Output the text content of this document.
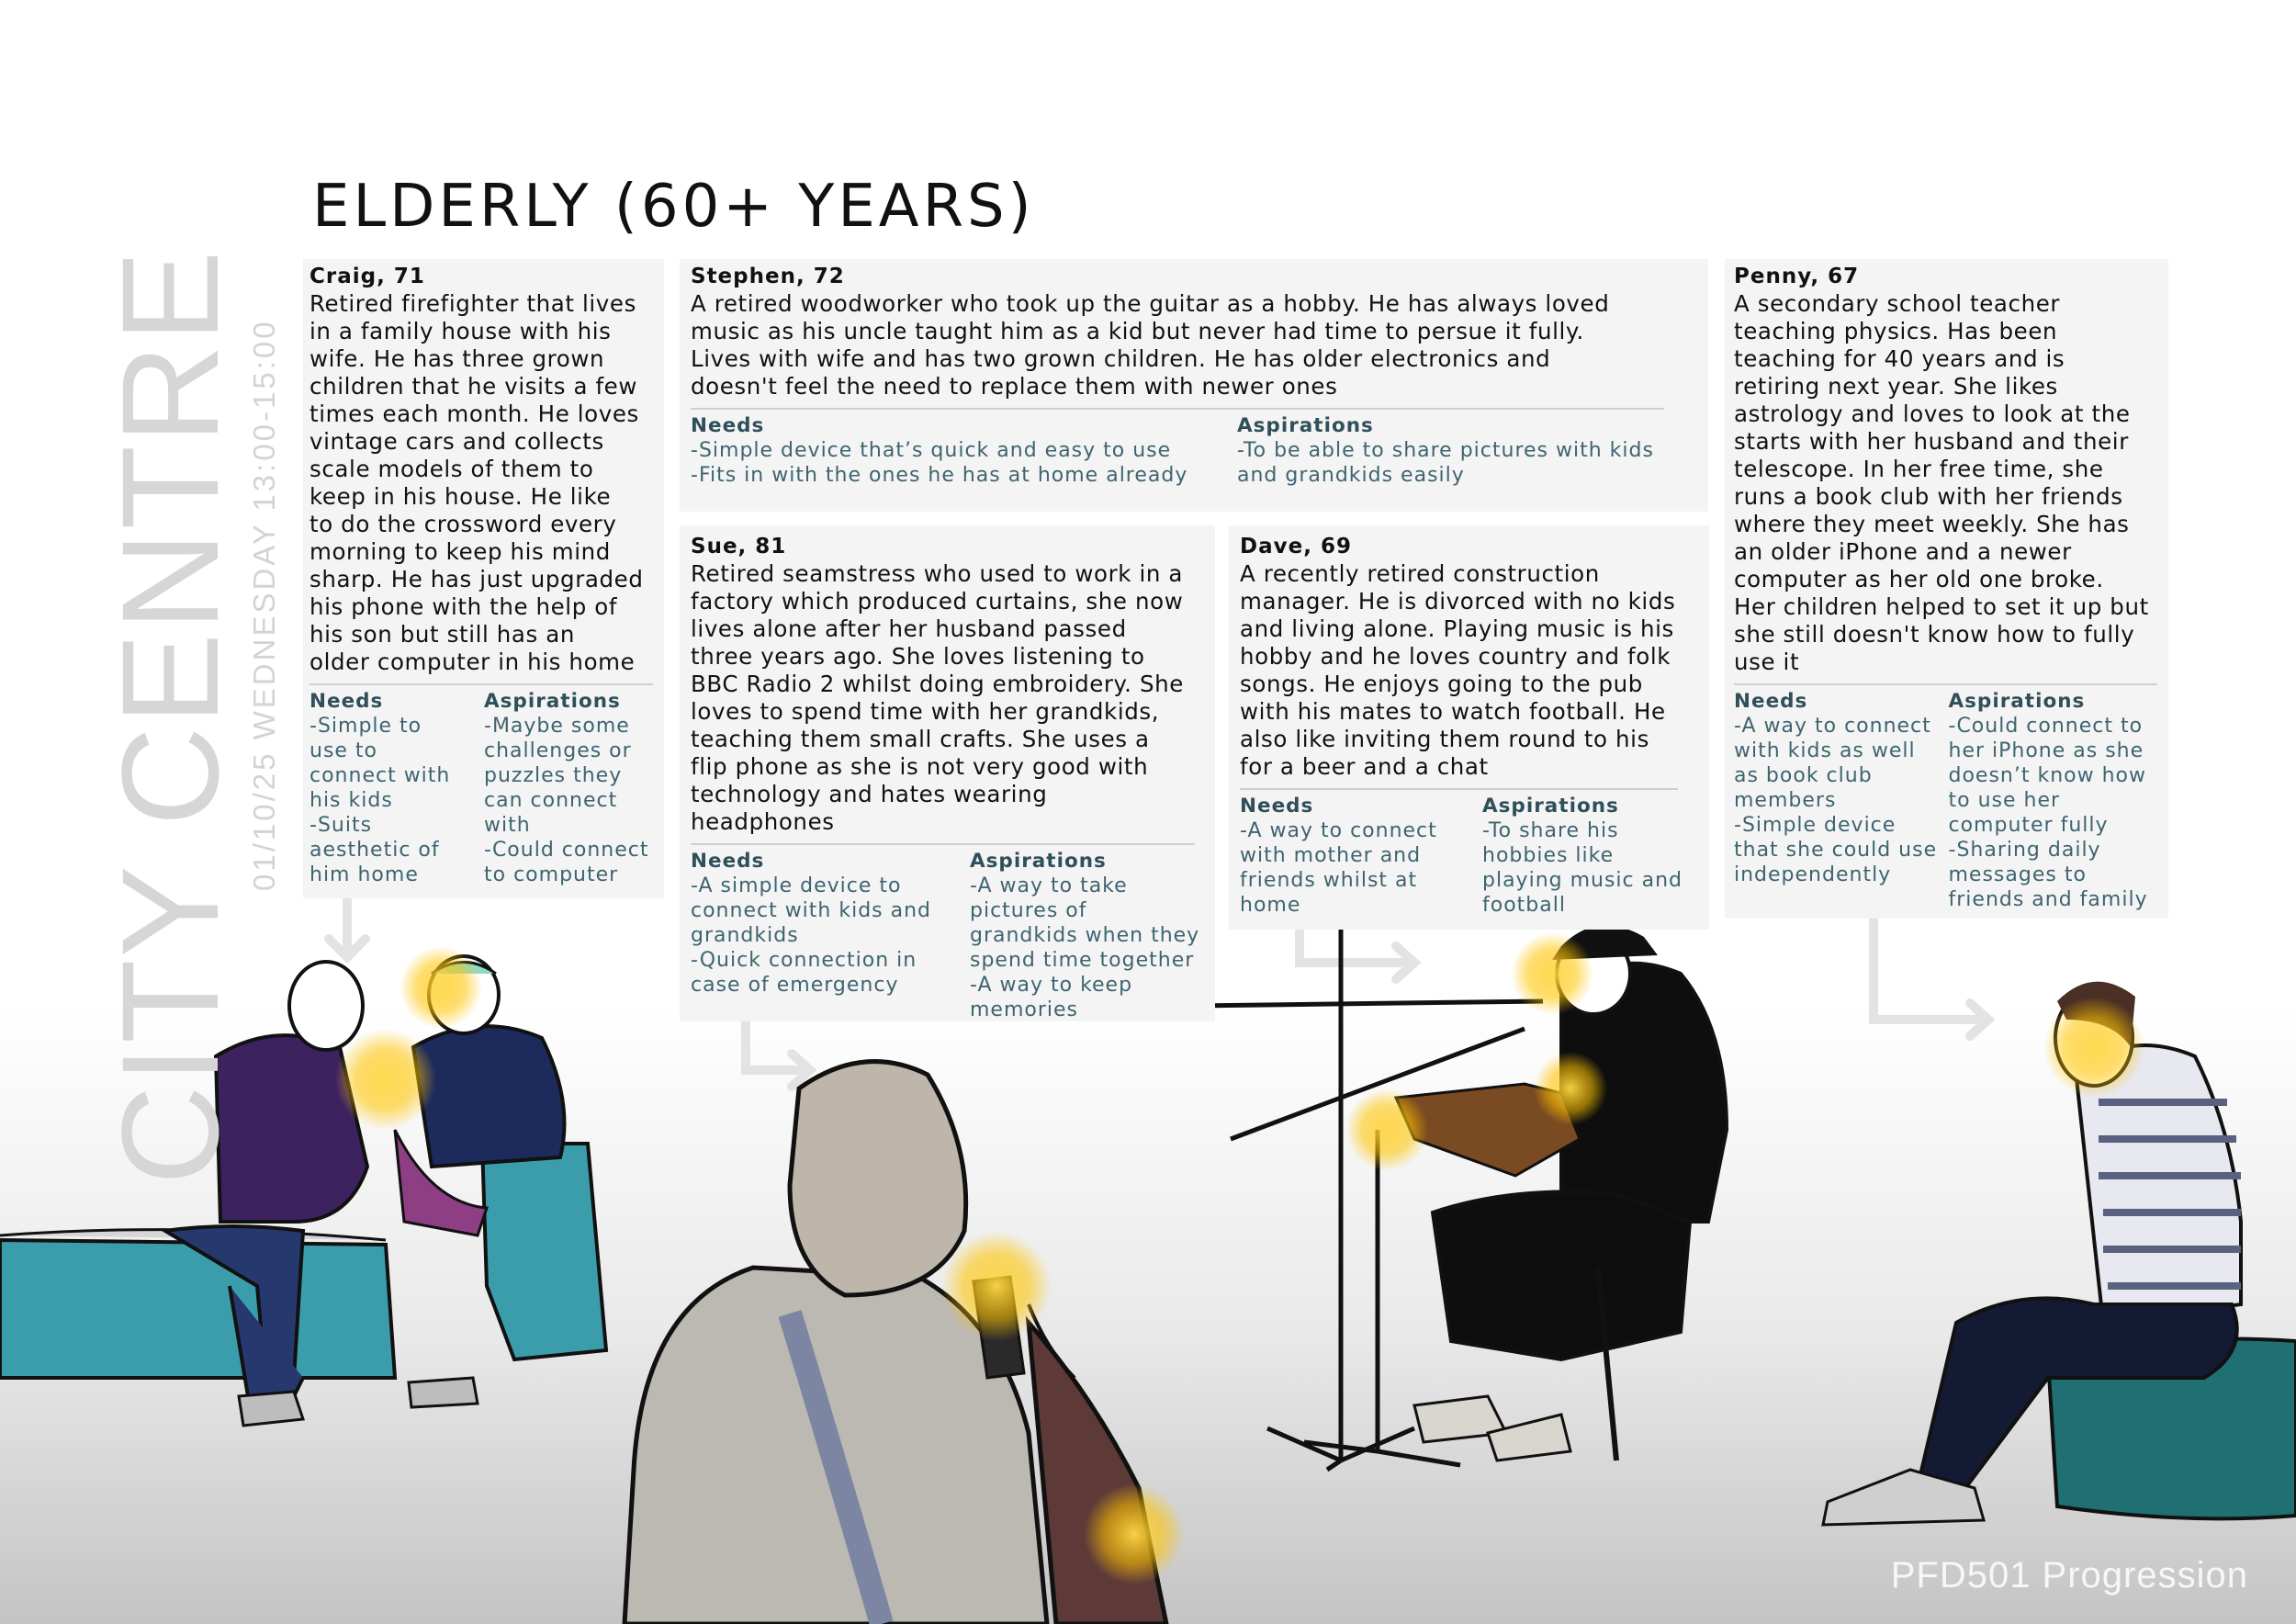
CITY CENTRE 01/10/25 WEDNESDAY 13:00-15:00
ELDERLY (60+ YEARS)
Craig, 71
Retired firefighter that lives
in a family house with his
wife. He has three grown
children that he visits a few
times each month. He loves
vintage cars and collects
scale models of them to
keep in his house. He like
to do the crossword every
morning to keep his mind
sharp. He has just upgraded
his phone with the help of
his son but still has an
older computer in his home
Needs
-Simple to
use to
connect with
his kids
-Suits
aesthetic of
him home
Aspirations
-Maybe some
challenges or
puzzles they
can connect
with
-Could connect
to computer
Stephen, 72
A retired woodworker who took up the guitar as a hobby. He has always loved
music as his uncle taught him as a kid but never had time to persue it fully.
Lives with wife and has two grown children. He has older electronics and
doesn't feel the need to replace them with newer ones
Needs
-Simple device that’s quick and easy to use
-Fits in with the ones he has at home already
Aspirations
-To be able to share pictures with kids
and grandkids easily
Penny, 67
A secondary school teacher
teaching physics. Has been
teaching for 40 years and is
retiring next year. She likes
astrology and loves to look at the
starts with her husband and their
telescope. In her free time, she
runs a book club with her friends
where they meet weekly. She has
an older iPhone and a newer
computer as her old one broke.
Her children helped to set it up but
she still doesn't know how to fully
use it
Needs
-A way to connect
with kids as well
as book club
members
-Simple device
that she could use
independently
Aspirations
-Could connect to
her iPhone as she
doesn’t know how
to use her
computer fully
-Sharing daily
messages to
friends and family
Sue, 81
Retired seamstress who used to work in a
factory which produced curtains, she now
lives alone after her husband passed
three years ago. She loves listening to
BBC Radio 2 whilst doing embroidery. She
loves to spend time with her grandkids,
teaching them small crafts. She uses a
flip phone as she is not very good with
technology and hates wearing
headphones
Needs
-A simple device to
connect with kids and
grandkids
-Quick connection in
case of emergency
Aspirations
-A way to take
pictures of
grandkids when they
spend time together
-A way to keep
memories
Dave, 69
A recently retired construction
manager. He is divorced with no kids
and living alone. Playing music is his
hobby and he loves country and folk
songs. He enjoys going to the pub
with his mates to watch football. He
also like inviting them round to his
for a beer and a chat
Needs
-A way to connect
with mother and
friends whilst at
home
Aspirations
-To share his
hobbies like
playing music and
football
PFD501 Progression
